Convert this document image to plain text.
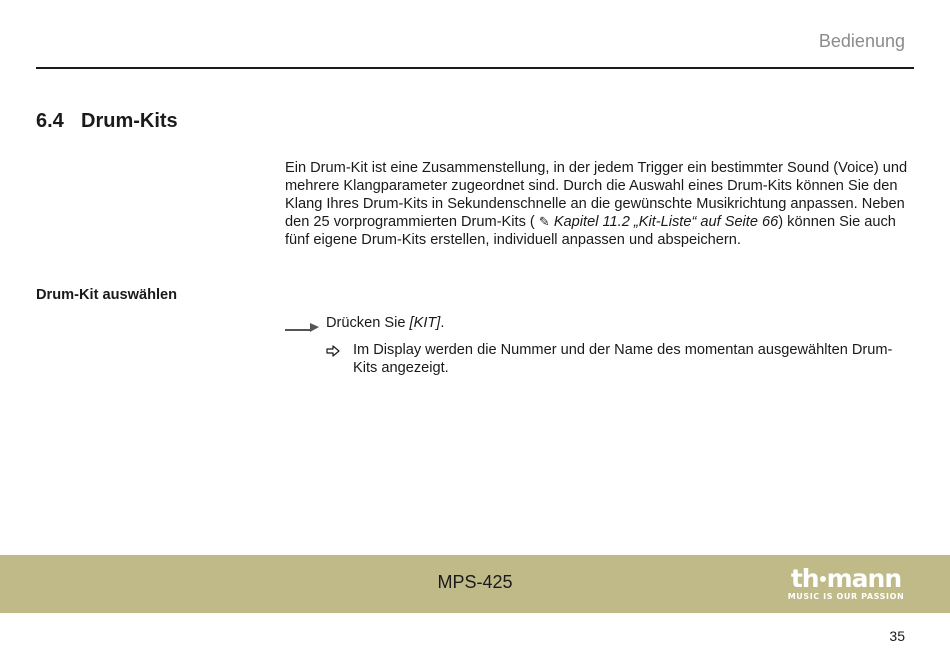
Bedienung
6.4 Drum-Kits

Ein Drum-Kit ist eine Zusammenstellung, in der jedem Trigger ein bestimmter Sound (Voice) und mehrere Klangparameter zugeordnet sind. Durch die Auswahl eines Drum-Kits können Sie den Klang Ihres Drum-Kits in Sekundenschnelle an die gewünschte Musikrichtung anpassen. Neben den 25 vorprogrammierten Drum-Kits ( ✎ Kapitel 11.2 „Kit-Liste“ auf Seite 66) können Sie auch fünf eigene Drum-Kits erstellen, individuell anpassen und abspeichern.

Drum-Kit auswählen
Drücken Sie [KIT].
Im Display werden die Nummer und der Name des momentan ausgewählten Drum-Kits angezeigt.
MPS-425	th mann
MUSIC IS OUR PASSION
35
